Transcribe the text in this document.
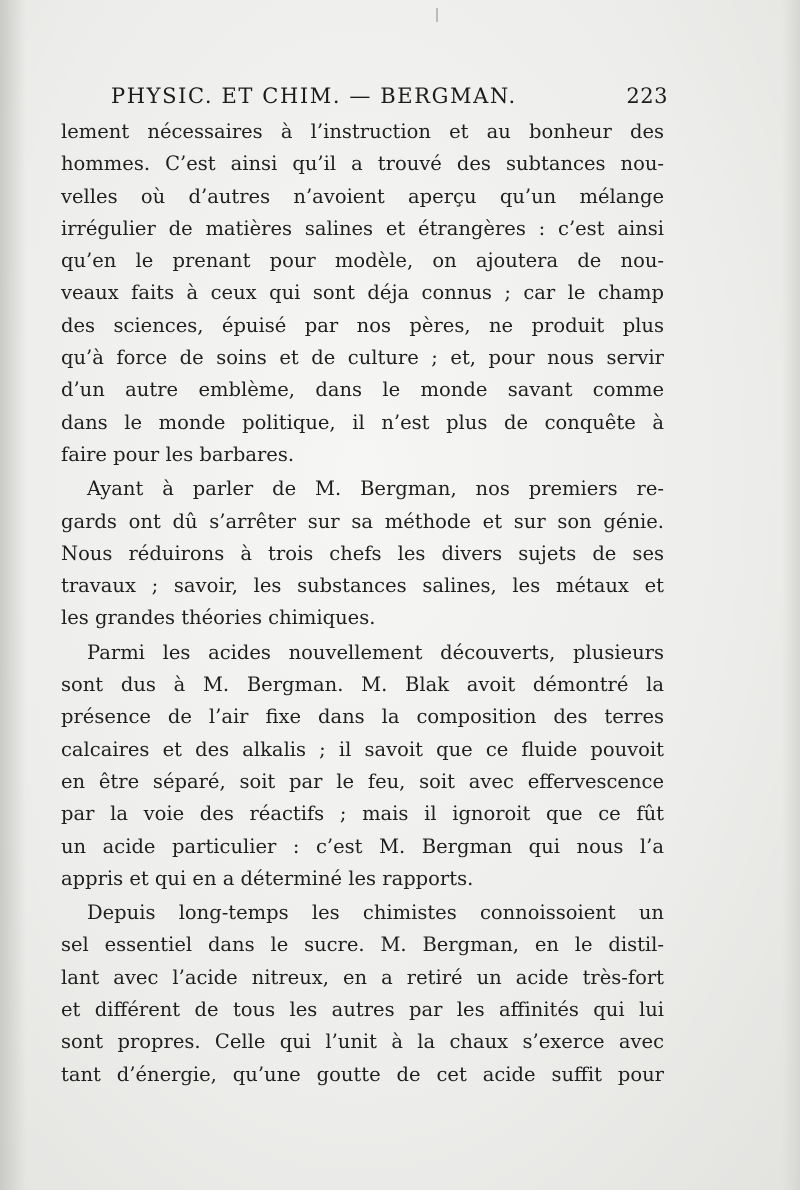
PHYSIC. ET CHIM. — BERGMAN.	223
lement nécessaires à l’instruction et au bonheur des
hommes. C’est ainsi qu’il a trouvé des subtances nou-
velles où d’autres n’avoient aperçu qu’un mélange
irrégulier de matières salines et étrangères : c’est ainsi
qu’en le prenant pour modèle, on ajoutera de nou-
veaux faits à ceux qui sont déja connus ; car le champ
des sciences, épuisé par nos pères, ne produit plus
qu’à force de soins et de culture ; et, pour nous servir
d’un autre emblème, dans le monde savant comme
dans le monde politique, il n’est plus de conquête à
faire pour les barbares.
Ayant à parler de M. Bergman, nos premiers re-
gards ont dû s’arrêter sur sa méthode et sur son génie.
Nous réduirons à trois chefs les divers sujets de ses
travaux ; savoir, les substances salines, les métaux et
les grandes théories chimiques.
Parmi les acides nouvellement découverts, plusieurs
sont dus à M. Bergman. M. Blak avoit démontré la
présence de l’air fixe dans la composition des terres
calcaires et des alkalis ; il savoit que ce fluide pouvoit
en être séparé, soit par le feu, soit avec effervescence
par la voie des réactifs ; mais il ignoroit que ce fût
un acide particulier : c’est M. Bergman qui nous l’a
appris et qui en a déterminé les rapports.
Depuis long-temps les chimistes connoissoient un
sel essentiel dans le sucre. M. Bergman, en le distil-
lant avec l’acide nitreux, en a retiré un acide très-fort
et différent de tous les autres par les affinités qui lui
sont propres. Celle qui l’unit à la chaux s’exerce avec
tant d’énergie, qu’une goutte de cet acide suffit pour
